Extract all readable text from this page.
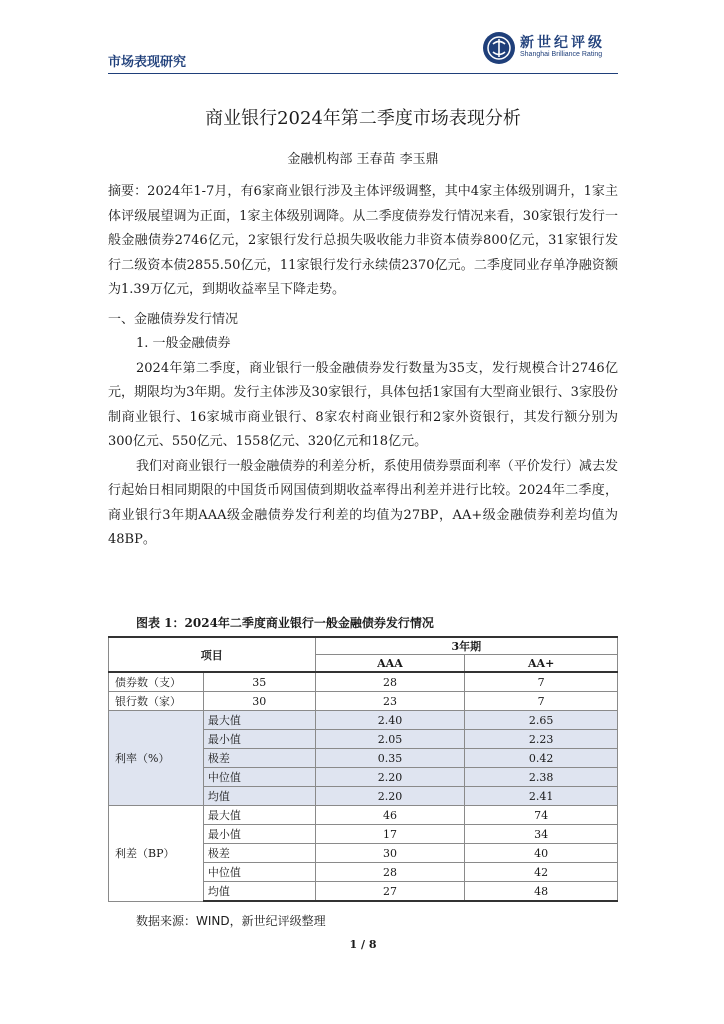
市场表现研究
新世纪评级
Shanghai Brilliance Rating
商业银行2024年第二季度市场表现分析
金融机构部 王春苗 李玉鼎

摘要：2024年1-7月，有6家商业银行涉及主体评级调整，其中4家主体级别调升，1家主体评级展望调为正面，1家主体级别调降。从二季度债券发行情况来看，30家银行发行一般金融债券2746亿元，2家银行发行总损失吸收能力非资本债券800亿元，31家银行发行二级资本债2855.50亿元，11家银行发行永续债2370亿元。二季度同业存单净融资额为1.39万亿元，到期收益率呈下降走势。

一、金融债券发行情况

1. 一般金融债券

2024年第二季度，商业银行一般金融债券发行数量为35支，发行规模合计2746亿元，期限均为3年期。发行主体涉及30家银行，具体包括1家国有大型商业银行、3家股份制商业银行、16家城市商业银行、8家农村商业银行和2家外资银行，其发行额分别为300亿元、550亿元、1558亿元、320亿元和18亿元。

我们对商业银行一般金融债券的利差分析，系使用债券票面利率（平价发行）减去发行起始日相同期限的中国货币网国债到期收益率得出利差并进行比较。2024年二季度，商业银行3年期AAA级金融债券发行利差的均值为27BP，AA+级金融债券利差均值为48BP。

图表 1：2024年二季度商业银行一般金融债券发行情况
项目		3年期	
		AAA	AA+
债券数（支）	35	28	7
银行数（家）	30	23	7
利率（%）	最大值	2.40	2.65
	最小值	2.05	2.23
	极差	0.35	0.42
	中位值	2.20	2.38
	均值	2.20	2.41
利差（BP）	最大值	46	74
	最小值	17	34
	极差	30	40
	中位值	28	42
	均值	27	48
数据来源：WIND，新世纪评级整理
1 / 8
